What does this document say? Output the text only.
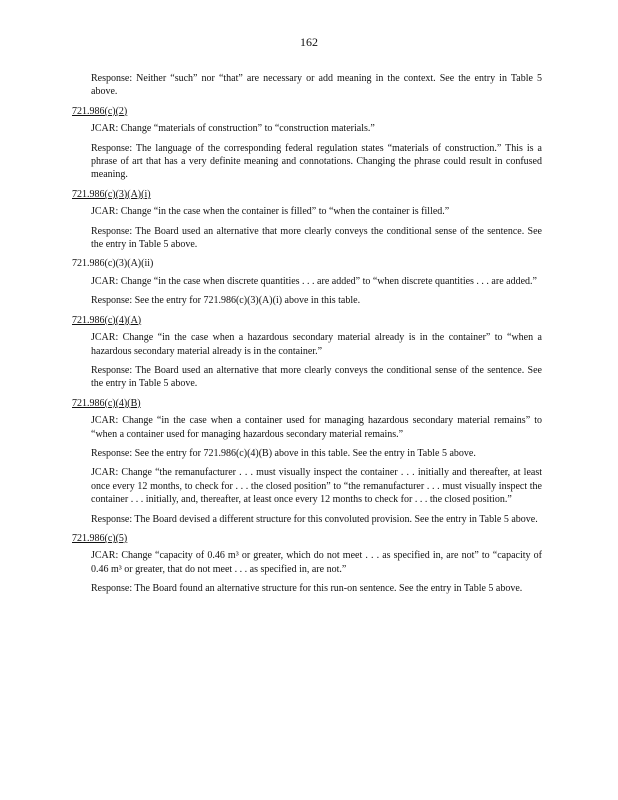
162

Response: Neither “such” nor “that” are necessary or add meaning in the context. See the entry in Table 5 above.

721.986(c)(2)

JCAR: Change “materials of construction” to “construction materials.”

Response: The language of the corresponding federal regulation states “materials of construction.” This is a phrase of art that has a very definite meaning and connotations. Changing the phrase could result in confused meaning.

721.986(c)(3)(A)(i)

JCAR: Change “in the case when the container is filled” to “when the container is filled.”

Response: The Board used an alternative that more clearly conveys the conditional sense of the sentence. See the entry in Table 5 above.

721.986(c)(3)(A)(ii)

JCAR: Change “in the case when discrete quantities . . . are added” to “when discrete quantities . . . are added.”

Response: See the entry for 721.986(c)(3)(A)(i) above in this table.

721.986(c)(4)(A)

JCAR: Change “in the case when a hazardous secondary material already is in the container” to “when a hazardous secondary material already is in the container.”

Response: The Board used an alternative that more clearly conveys the conditional sense of the sentence. See the entry in Table 5 above.

721.986(c)(4)(B)

JCAR: Change “in the case when a container used for managing hazardous secondary material remains” to “when a container used for managing hazardous secondary material remains.”

Response: See the entry for 721.986(c)(4)(B) above in this table. See the entry in Table 5 above.

JCAR: Change “the remanufacturer . . . must visually inspect the container . . . initially and thereafter, at least once every 12 months, to check for . . . the closed position” to “the remanufacturer . . . must visually inspect the container . . . initially, and, thereafter, at least once every 12 months to check for . . . the closed position.”

Response: The Board devised a different structure for this convoluted provision. See the entry in Table 5 above.

721.986(c)(5)

JCAR: Change “capacity of 0.46 m³ or greater, which do not meet . . . as specified in, are not” to “capacity of 0.46 m³ or greater, that do not meet . . . as specified in, are not.”

Response: The Board found an alternative structure for this run-on sentence. See the entry in Table 5 above.
